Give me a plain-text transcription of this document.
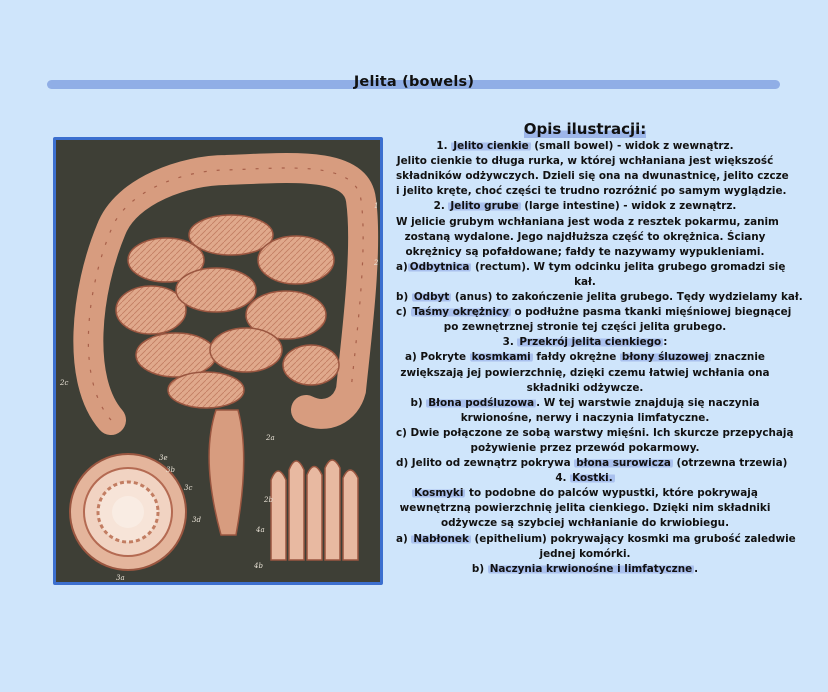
Jelita (bowels)
1
2
2c
2a
2b
3e
3b
3c
3d
3a
4a
4b
Opis ilustracji:
1. Jelito cienkie (small bowel) - widok z wewnątrz.
Jelito cienkie to długa rurka, w której wchłaniana jest większość
składników odżywczych. Dzieli się ona na dwunastnicę, jelito czcze
i jelito kręte, choć części te trudno rozróżnić po samym wyglądzie.
2. Jelito grube (large intestine) - widok z zewnątrz.
W jelicie grubym wchłaniana jest woda z resztek pokarmu, zanim
zostaną wydalone. Jego najdłuższa część to okrężnica. Ściany
okrężnicy są pofałdowane; fałdy te nazywamy wypukleniami.
a) Odbytnica (rectum). W tym odcinku jelita grubego gromadzi się
kał.
b) Odbyt (anus) to zakończenie jelita grubego. Tędy wydzielamy kał.
c) Taśmy okrężnicy o podłużne pasma tkanki mięśniowej biegnącej
po zewnętrznej stronie tej części jelita grubego.
3. Przekrój jelita cienkiego :
a) Pokryte kosmkami fałdy okrężne błony śluzowej znacznie
zwiększają jej powierzchnię, dzięki czemu łatwiej wchłania ona
składniki odżywcze.
b) Błona podśluzowa . W tej warstwie znajdują się naczynia
krwionośne, nerwy i naczynia limfatyczne.
c) Dwie połączone ze sobą warstwy mięśni. Ich skurcze przepychają
pożywienie przez przewód pokarmowy.
d) Jelito od zewnątrz pokrywa błona surowicza (otrzewna trzewia)
4. Kostki.
Kosmyki to podobne do palców wypustki, które pokrywają
wewnętrzną powierzchnię jelita cienkiego. Dzięki nim składniki
odżywcze są szybciej wchłanianie do krwiobiegu.
a) Nabłonek (epithelium) pokrywający kosmki ma grubość zaledwie
jednej komórki.
b) Naczynia krwionośne i limfatyczne .
